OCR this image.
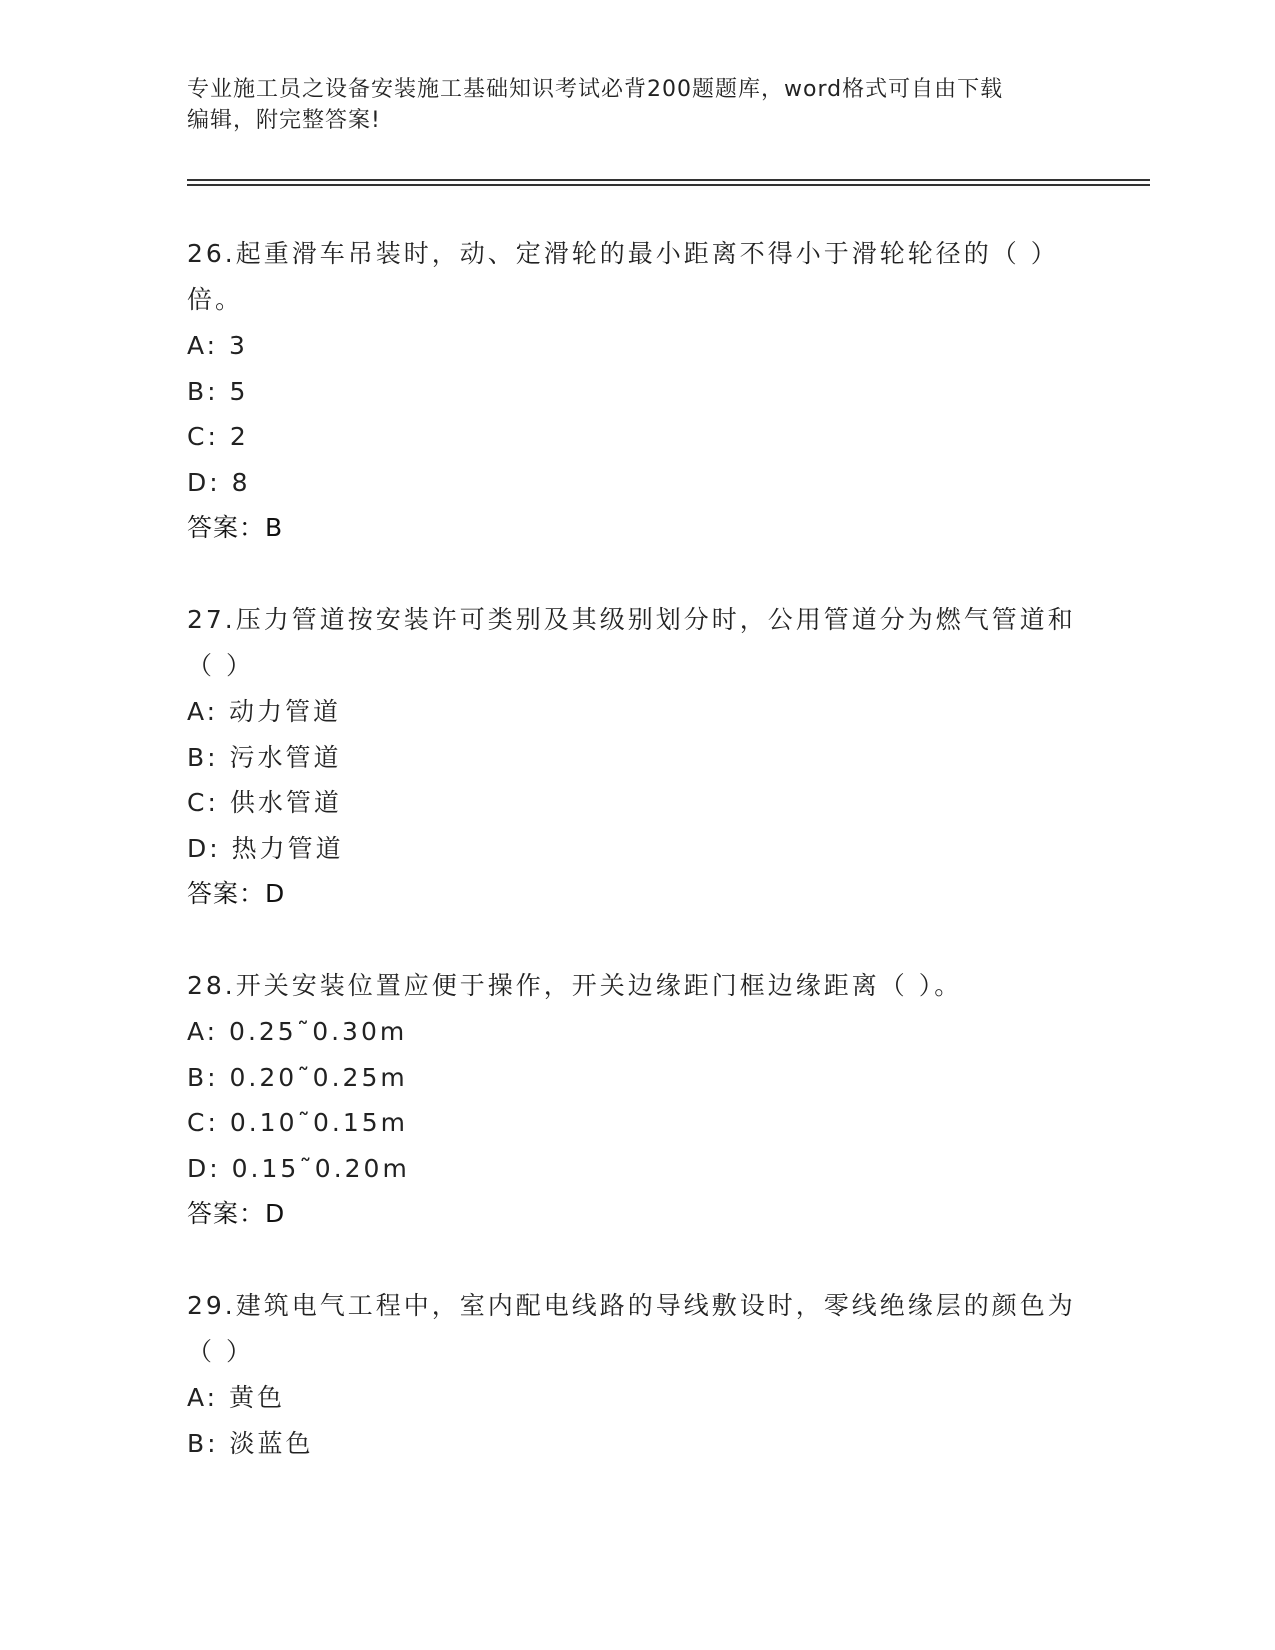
专业施工员之设备安装施工基础知识考试必背200题题库，word格式可自由下载
编辑，附完整答案!

26.起重滑车吊装时，动、定滑轮的最小距离不得小于滑轮轮径的（ ）倍。

A: 3
B: 5
C: 2
D: 8
答案：B

27.压力管道按安装许可类别及其级别划分时，公用管道分为燃气管道和（ ）

A: 动力管道
B: 污水管道
C: 供水管道
D: 热力管道
答案：D

28.开关安装位置应便于操作，开关边缘距门框边缘距离（ ）。

A: 0.25˜0.30m
B: 0.20˜0.25m
C: 0.10˜0.15m
D: 0.15˜0.20m
答案：D

29.建筑电气工程中，室内配电线路的导线敷设时，零线绝缘层的颜色为（ ）

A: 黄色
B: 淡蓝色
